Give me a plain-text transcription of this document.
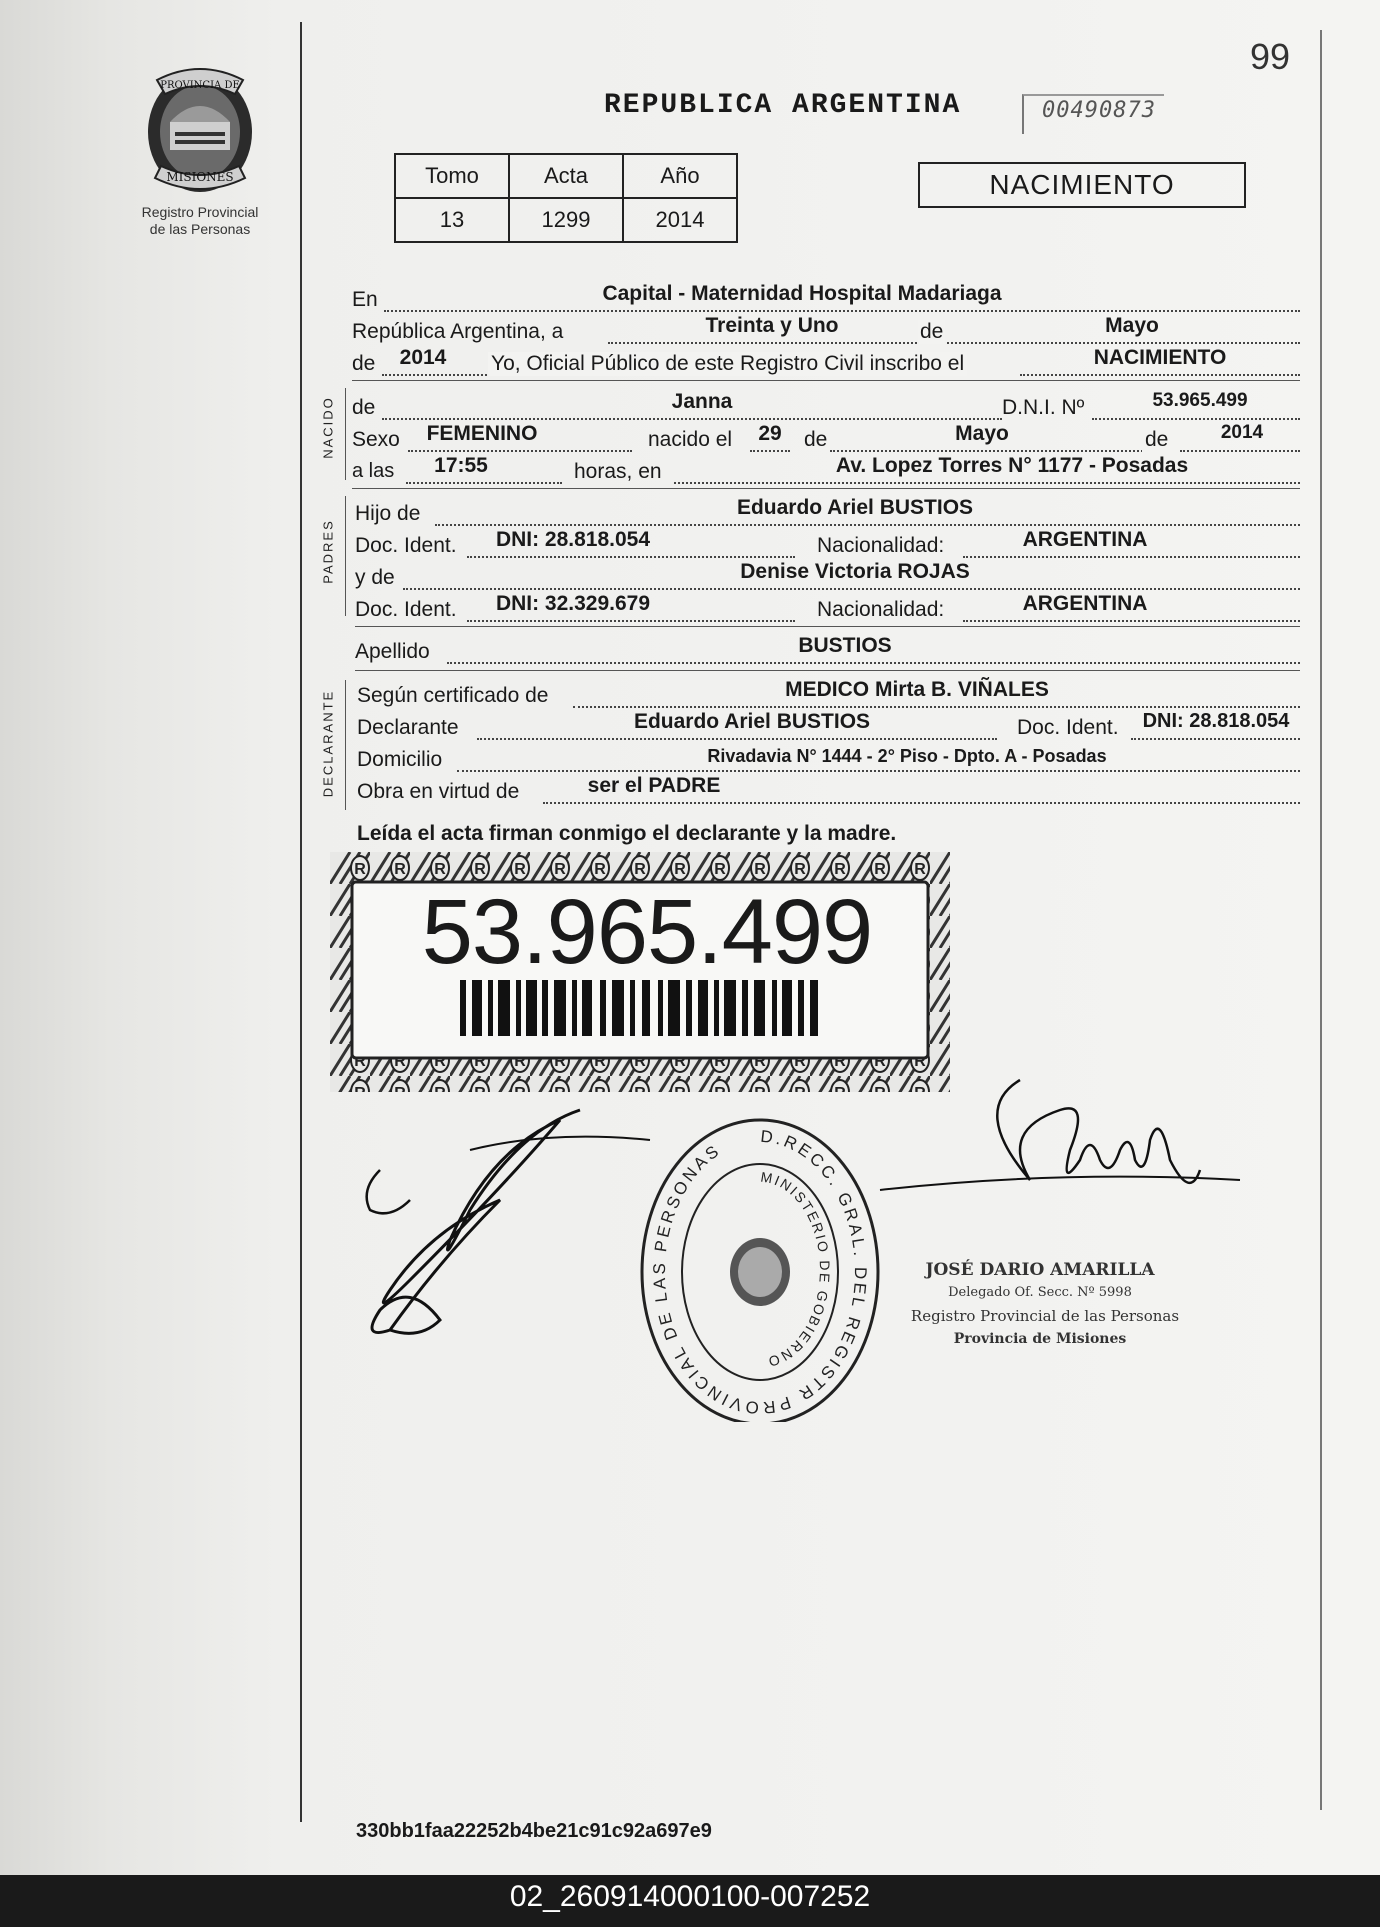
PROVINCIA DE
MISIONES
Registro Provincial
de las Personas
99
REPUBLICA ARGENTINA	00490873
Tomo	Acta	Año
13	1299	2014
NACIMIENTO
En	Capital - Maternidad Hospital Madariaga
República Argentina, a	Treinta y Uno	de	Mayo
de	2014	Yo, Oficial Público de este Registro Civil inscribo el	NACIMIENTO
NACIDO de	Janna	D.N.I. Nº	53.965.499
Sexo	FEMENINO	nacido el	29	de	Mayo	de	2014
a las	17:55	horas, en	Av. Lopez Torres N° 1177 - Posadas
PADRES
Hijo de	Eduardo Ariel BUSTIOS
Doc. Ident.	DNI: 28.818.054	Nacionalidad:	ARGENTINA
y de	Denise Victoria ROJAS
Doc. Ident.	DNI: 32.329.679	Nacionalidad:	ARGENTINA
Apellido	BUSTIOS
DECLARANTE Según certificado de	MEDICO Mirta B. VIÑALES
Declarante	Eduardo Ariel BUSTIOS	Doc. Ident.	DNI: 28.818.054
Domicilio	Rivadavia N° 1444 - 2° Piso - Dpto. A - Posadas
Obra en virtud de	ser el PADRE
Leída el acta firman conmigo el declarante y la madre.
53.965.499
D.RECC. GRAL. DEL REGISTR PROVINCIAL DE LAS PERSONAS
MINISTERIO DE GOBIERNO
JOSÉ DARIO AMARILLA
Delegado Of. Secc. Nº 5998
Registro Provincial de las Personas
Provincia de Misiones
330bb1faa22252b4be21c91c92a697e9
02_260914000100-007252
